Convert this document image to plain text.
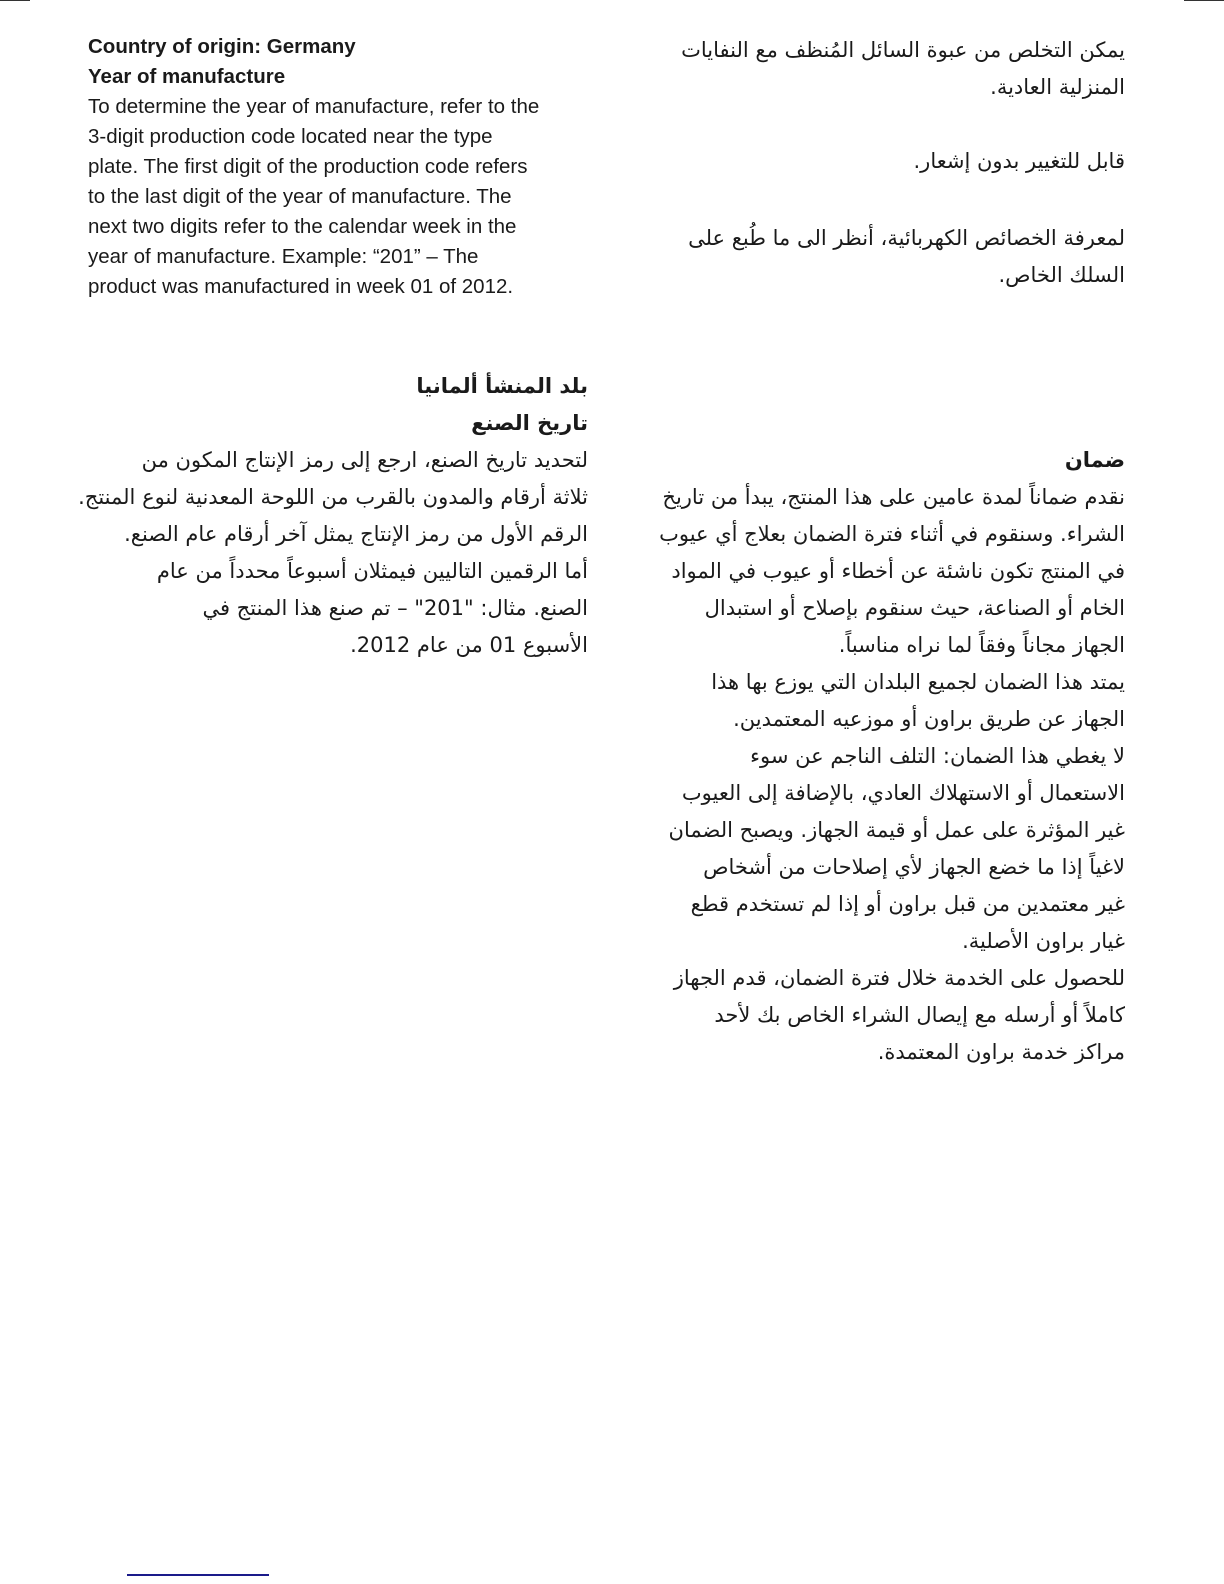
Country of origin: Germany
Year of manufacture
To determine the year of manufacture, refer to the
3-digit production code located near the type
plate. The first digit of the production code refers
to the last digit of the year of manufacture. The
next two digits refer to the calendar week in the
year of manufacture. Example: “201” – The
product was manufactured in week 01 of 2012.
يمكن التخلص من عبوة السائل المُنظف مع النفايات
المنزلية العادية.
قابل للتغيير بدون إشعار.
لمعرفة الخصائص الكهربائية، أنظر الى ما طُبع على
السلك الخاص.
بلد المنشأ ألمانيا
تاريخ الصنع
لتحديد تاريخ الصنع، ارجع إلى رمز الإنتاج المكون من
ثلاثة أرقام والمدون بالقرب من اللوحة المعدنية لنوع المنتج.
الرقم الأول من رمز الإنتاج يمثل آخر أرقام عام الصنع.
أما الرقمين التاليين فيمثلان أسبوعاً محدداً من عام
الصنع. مثال: "201" – تم صنع هذا المنتج في
الأسبوع 01 من عام 2012.
ضمان
نقدم ضماناً لمدة عامين على هذا المنتج، يبدأ من تاريخ
الشراء. وسنقوم في أثناء فترة الضمان بعلاج أي عيوب
في المنتج تكون ناشئة عن أخطاء أو عيوب في المواد
الخام أو الصناعة، حيث سنقوم بإصلاح أو استبدال
الجهاز مجاناً وفقاً لما نراه مناسباً.
يمتد هذا الضمان لجميع البلدان التي يوزع بها هذا
الجهاز عن طريق براون أو موزعيه المعتمدين.
لا يغطي هذا الضمان: التلف الناجم عن سوء
الاستعمال أو الاستهلاك العادي، بالإضافة إلى العيوب
غير المؤثرة على عمل أو قيمة الجهاز. ويصبح الضمان
لاغياً إذا ما خضع الجهاز لأي إصلاحات من أشخاص
غير معتمدين من قبل براون أو إذا لم تستخدم قطع
غيار براون الأصلية.
للحصول على الخدمة خلال فترة الضمان، قدم الجهاز
كاملاً أو أرسله مع إيصال الشراء الخاص بك لأحد
مراكز خدمة براون المعتمدة.
